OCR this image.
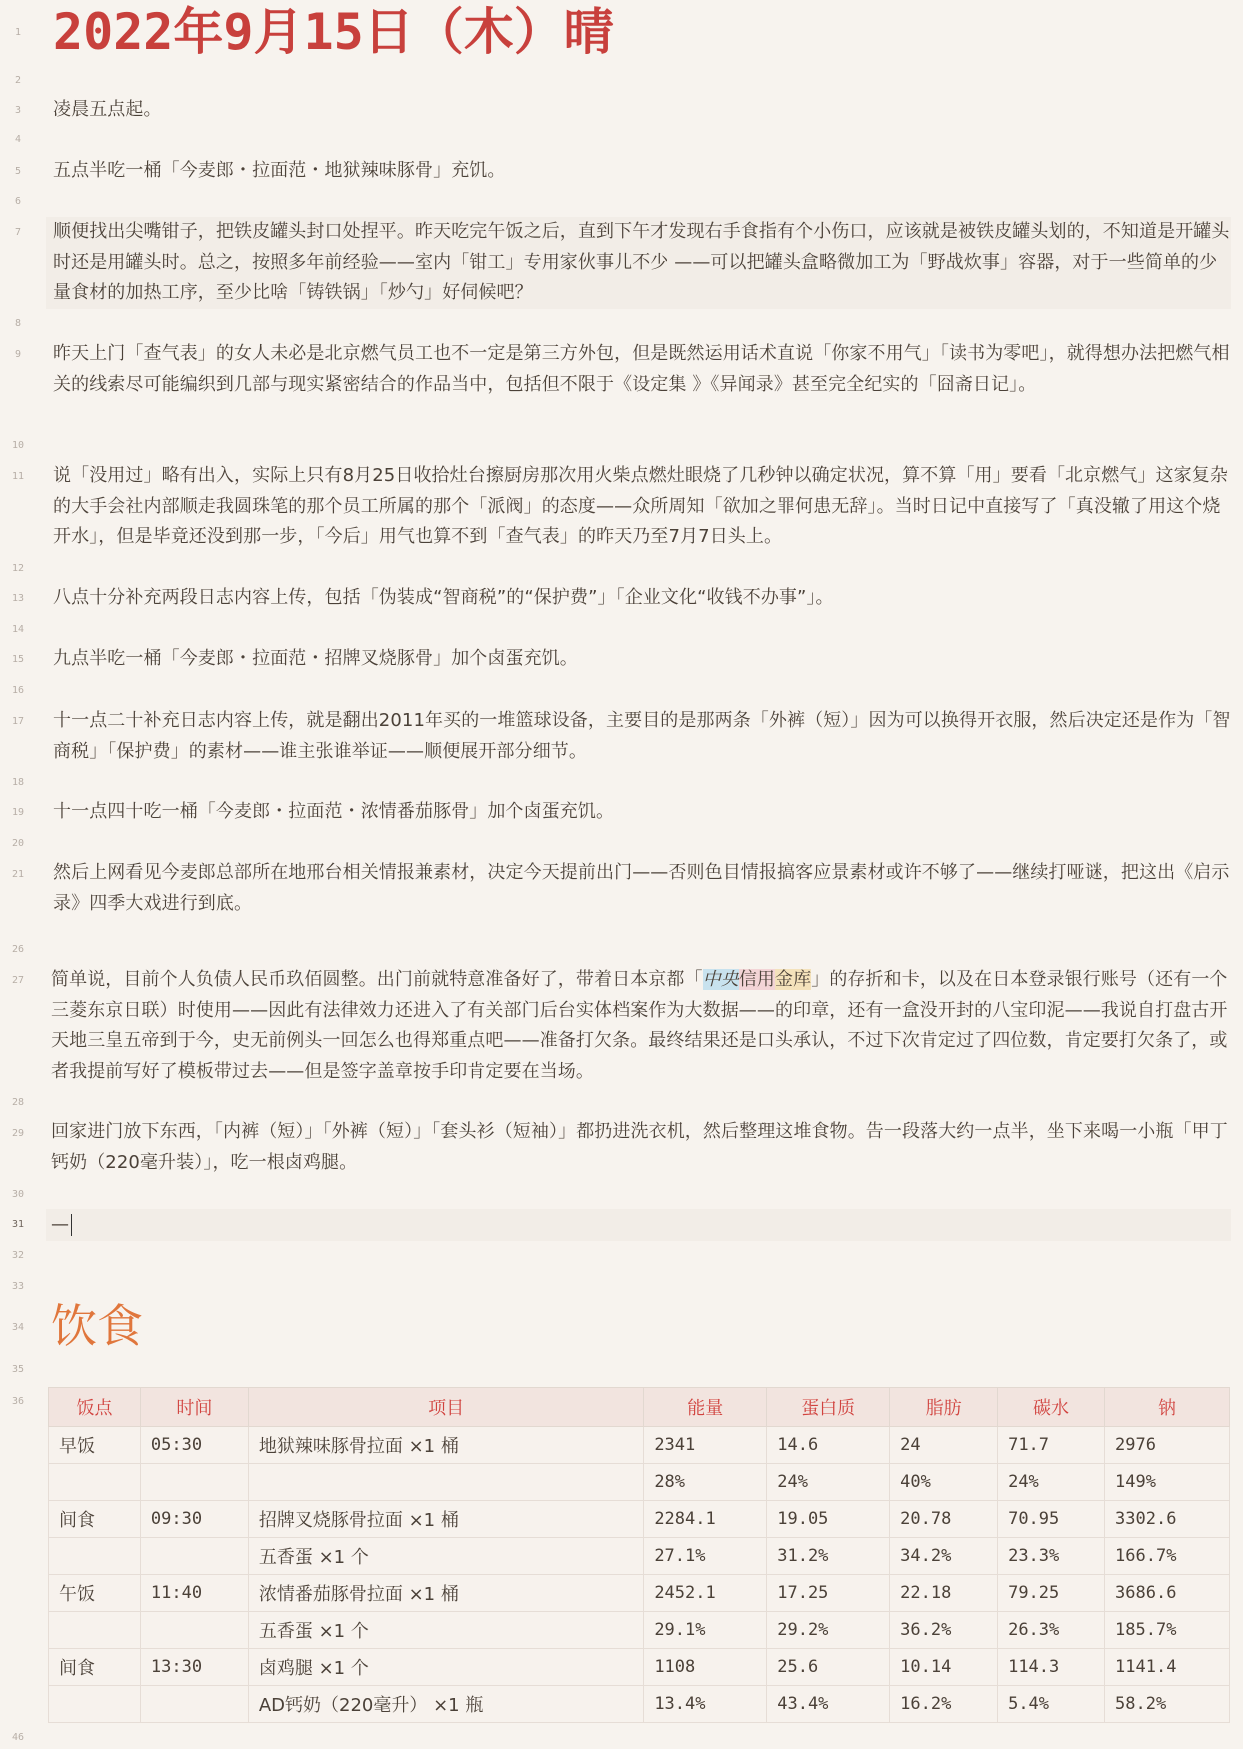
1
2
3
4
5
6
7
8
9
10
11
12
13
14
15
16
17
18
19
20
21
26
27
28
29
30
31
32
33
34
35
36
46
2022年9月15日（木）晴
凌晨五点起。
五点半吃一桶「今麦郎・拉面范・地狱辣味豚骨」充饥。
顺便找出尖嘴钳子，把铁皮罐头封口处捏平。昨天吃完午饭之后，直到下午才发现右手食指有个小伤口，应该就是被铁皮罐头划的，不知道是开罐头时还是用罐头时。总之，按照多年前经验——室内「钳工」专用家伙事儿不少 ——可以把罐头盒略微加工为「野战炊事」容器，对于一些简单的少量食材的加热工序，至少比啥「铸铁锅」「炒勺」好伺候吧？
昨天上门「查气表」的女人未必是北京燃气员工也不一定是第三方外包，但是既然运用话术直说「你家不用气」「读书为零吧」，就得想办法把燃气相关的线索尽可能编织到几部与现实紧密结合的作品当中，包括但不限于《设定集 》《异闻录》甚至完全纪实的「囧斋日记」。
说「没用过」略有出入，实际上只有8月25日收拾灶台擦厨房那次用火柴点燃灶眼烧了几秒钟以确定状况，算不算「用」要看「北京燃气」这家复杂的大手会社内部顺走我圆珠笔的那个员工所属的那个「派阀」的态度——众所周知「欲加之罪何患无辞」。当时日记中直接写了「真没辙了用这个烧开水」，但是毕竟还没到那一步，「今后」用气也算不到「查气表」的昨天乃至7月7日头上。
八点十分补充两段日志内容上传，包括「伪装成“智商税”的“保护费”」「企业文化“收钱不办事”」。
九点半吃一桶「今麦郎・拉面范・招牌叉烧豚骨」加个卤蛋充饥。
十一点二十补充日志内容上传，就是翻出2011年买的一堆篮球设备，主要目的是那两条「外裤（短）」因为可以换得开衣服，然后决定还是作为「智商税」「保护费」的素材——谁主张谁举证——顺便展开部分细节。
十一点四十吃一桶「今麦郎・拉面范・浓情番茄豚骨」加个卤蛋充饥。
然后上网看见今麦郎总部所在地邢台相关情报兼素材，决定今天提前出门——否则色目情报搞客应景素材或许不够了——继续打哑谜，把这出《启示录》四季大戏进行到底。
简单说，目前个人负债人民币玖佰圆整。出门前就特意准备好了，带着日本京都「中央信用金库」的存折和卡，以及在日本登录银行账号（还有一个三菱东京日联）时使用——因此有法律效力还进入了有关部门后台实体档案作为大数据——的印章，还有一盒没开封的八宝印泥——我说自打盘古开天地三皇五帝到于今，史无前例头一回怎么也得郑重点吧——准备打欠条。最终结果还是口头承认，不过下次肯定过了四位数，肯定要打欠条了，或者我提前写好了模板带过去——但是签字盖章按手印肯定要在当场。
回家进门放下东西，「内裤（短）」「外裤（短）」「套头衫（短袖）」都扔进洗衣机，然后整理这堆食物。告一段落大约一点半，坐下来喝一小瓶「甲丁钙奶（220毫升装）」，吃一根卤鸡腿。
—
饮食
饭点	时间	项目	能量	蛋白质	脂肪	碳水	钠
早饭	05:30	地狱辣味豚骨拉面 ×1 桶	2341	14.6	24	71.7	2976
			28%	24%	40%	24%	149%
间食	09:30	招牌叉烧豚骨拉面 ×1 桶	2284.1	19.05	20.78	70.95	3302.6
		五香蛋 ×1 个	27.1%	31.2%	34.2%	23.3%	166.7%
午饭	11:40	浓情番茄豚骨拉面 ×1 桶	2452.1	17.25	22.18	79.25	3686.6
		五香蛋 ×1 个	29.1%	29.2%	36.2%	26.3%	185.7%
间食	13:30	卤鸡腿 ×1 个	1108	25.6	10.14	114.3	1141.4
		AD钙奶（220毫升） ×1 瓶	13.4%	43.4%	16.2%	5.4%	58.2%
